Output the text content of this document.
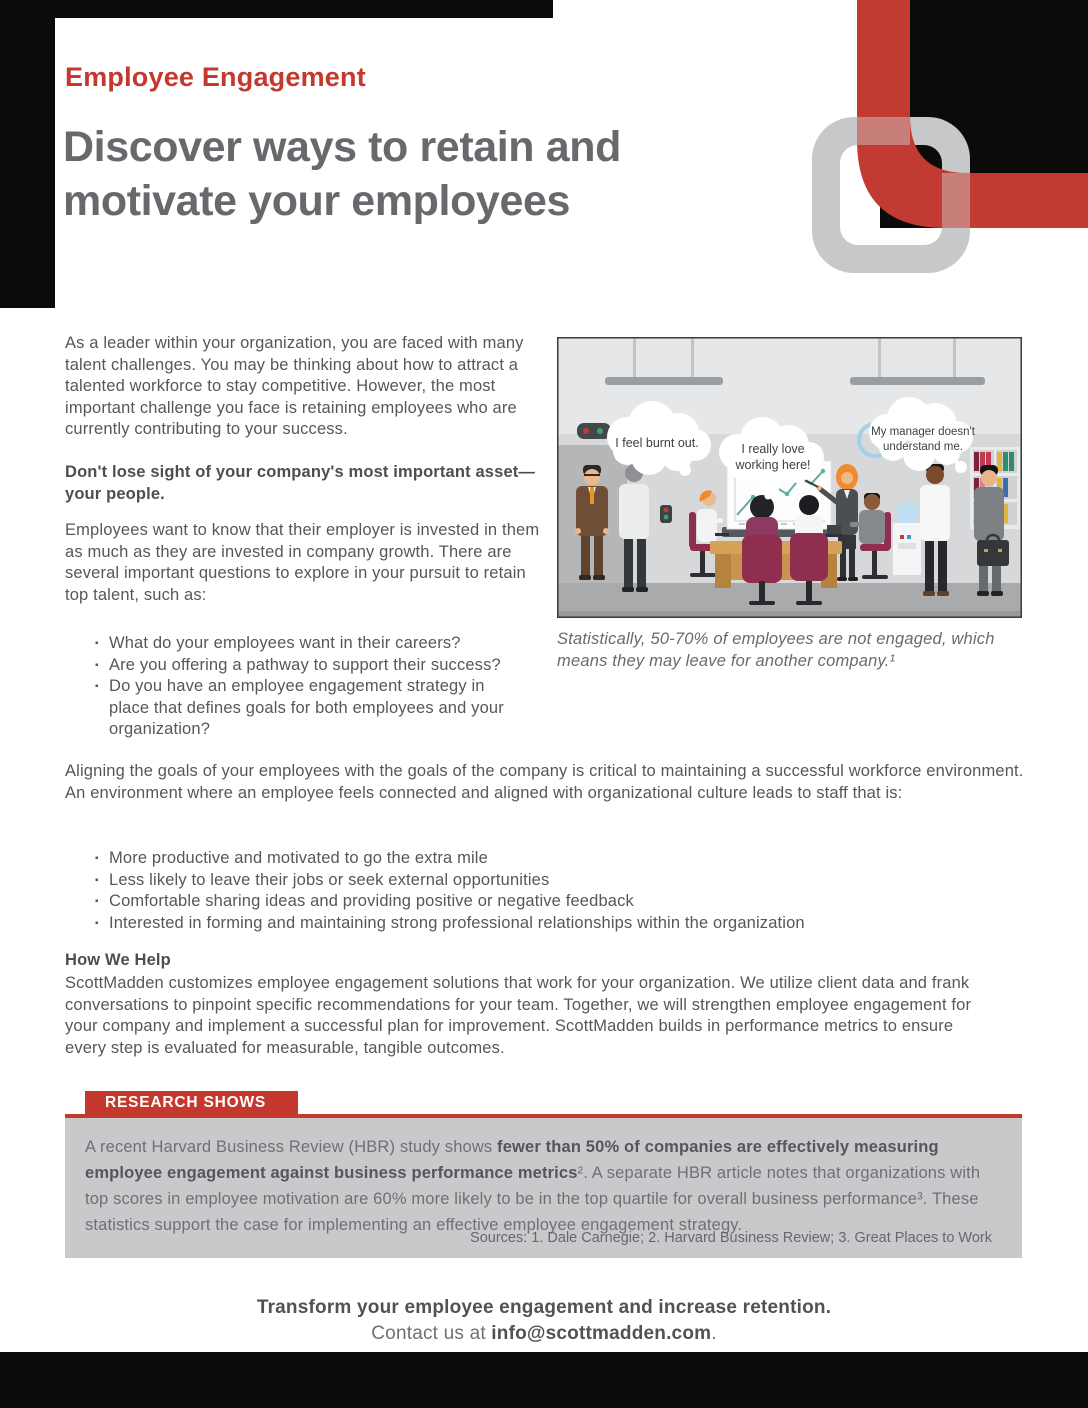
Employee Engagement
Discover ways to retain and
motivate your employees
As a leader within your organization, you are faced with many talent challenges. You may be thinking about how to attract a talented workforce to stay competitive. However, the most important challenge you face is retaining employees who are currently contributing to your success.
Don't lose sight of your company's most important asset—your people.
Employees want to know that their employer is invested in them as much as they are invested in company growth. There are several important questions to explore in your pursuit to retain top talent, such as:
▪ What do your employees want in their careers?
▪ Are you offering a pathway to support their success?
▪ Do you have an employee engagement strategy in place that defines goals for both employees and your organization?
I feel burnt out.	I really love
working here!
My manager doesn't
understand me.
Statistically, 50-70% of employees are not engaged, which
means they may leave for another company.¹
Aligning the goals of your employees with the goals of the company is critical to maintaining a successful workforce environment. An environment where an employee feels connected and aligned with organizational culture leads to staff that is:
▪ More productive and motivated to go the extra mile
▪ Less likely to leave their jobs or seek external opportunities
▪ Comfortable sharing ideas and providing positive or negative feedback
▪ Interested in forming and maintaining strong professional relationships within the organization
How We Help
ScottMadden customizes employee engagement solutions that work for your organization. We utilize client data and frank conversations to pinpoint specific recommendations for your team. Together, we will strengthen employee engagement for your company and implement a successful plan for improvement. ScottMadden builds in performance metrics to ensure every step is evaluated for measurable, tangible outcomes.
RESEARCH SHOWS
A recent Harvard Business Review (HBR) study shows fewer than 50% of companies are effectively measuring employee engagement against business performance metrics². A separate HBR article notes that organizations with top scores in employee motivation are 60% more likely to be in the top quartile for overall business performance³. These statistics support the case for implementing an effective employee engagement strategy.
Sources: 1. Dale Carnegie; 2. Harvard Business Review; 3. Great Places to Work
Transform your employee engagement and increase retention.
Contact us at info@scottmadden.com.
